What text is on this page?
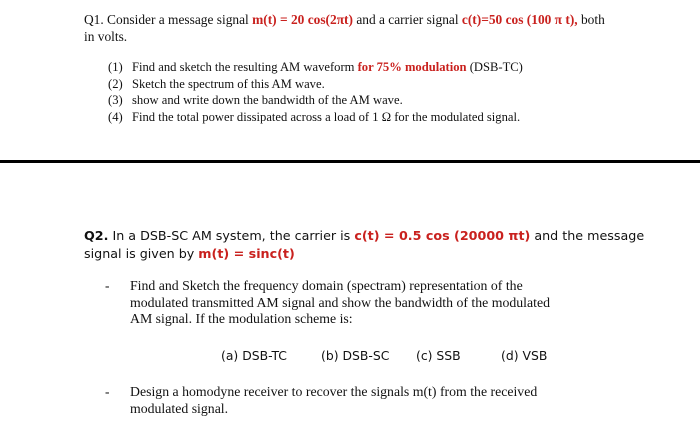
Q1. Consider a message signal m(t) = 20 cos(2πt) and a carrier signal c(t)=50 cos (100 π t), both
in volts.
(1) Find and sketch the resulting AM waveform for 75% modulation (DSB-TC)
(2) Sketch the spectrum of this AM wave.
(3) show and write down the bandwidth of the AM wave.
(4) Find the total power dissipated across a load of 1 Ω for the modulated signal.
Q2. In a DSB-SC AM system, the carrier is c(t) = 0.5 cos (20000 πt) and the message
signal is given by m(t) = sinc(t)
- Find and Sketch the frequency domain (spectram) representation of the
modulated transmitted AM signal and show the bandwidth of the modulated
AM signal. If the modulation scheme is:
(a) DSB-TC	(b) DSB-SC (c) SSB	(d) VSB
- Design a homodyne receiver to recover the signals m(t) from the received
modulated signal.
